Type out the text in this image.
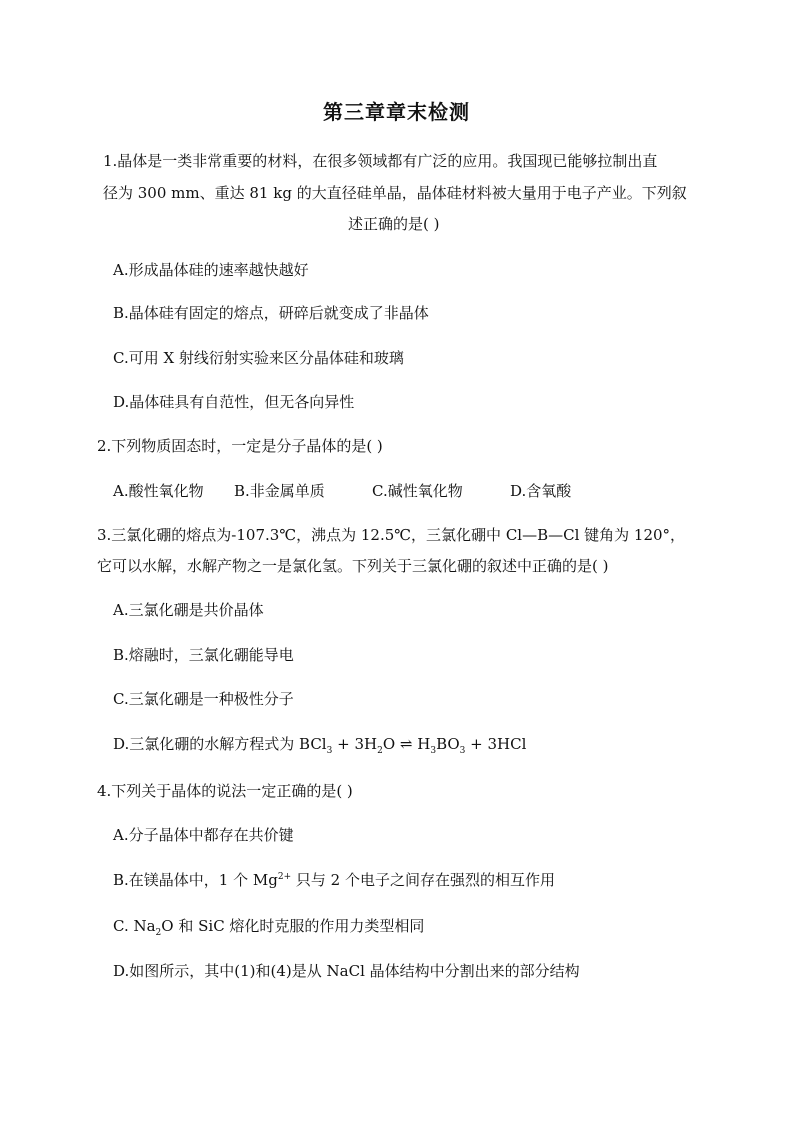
第三章章末检测
1.晶体是一类非常重要的材料，在很多领域都有广泛的应用。我国现已能够拉制出直
径为 300 mm、重达 81 kg 的大直径硅单晶，晶体硅材料被大量用于电子产业。下列叙
述正确的是( )
A.形成晶体硅的速率越快越好
B.晶体硅有固定的熔点，研碎后就变成了非晶体
C.可用 X 射线衍射实验来区分晶体硅和玻璃
D.晶体硅具有自范性，但无各向异性
2.下列物质固态时，一定是分子晶体的是( )
A.酸性氧化物 B.非金属单质	C.碱性氧化物	D.含氧酸
3.三氯化硼的熔点为-107.3℃，沸点为 12.5℃，三氯化硼中 Cl—B—Cl 键角为 120°，
它可以水解，水解产物之一是氯化氢。下列关于三氯化硼的叙述中正确的是( )
A.三氯化硼是共价晶体
B.熔融时，三氯化硼能导电
C.三氯化硼是一种极性分子
D.三氯化硼的水解方程式为 $BCl_3 + 3H_2O$ ⇌ $H_3BO_3 + 3HCl$
4.下列关于晶体的说法一定正确的是( )
A.分子晶体中都存在共价键
B.在镁晶体中，1 个 $Mg^{2+}$ 只与 2 个电子之间存在强烈的相互作用
C. $Na_2O$ 和 SiC 熔化时克服的作用力类型相同
D.如图所示，其中(1)和(4)是从 NaCl 晶体结构中分割出来的部分结构
